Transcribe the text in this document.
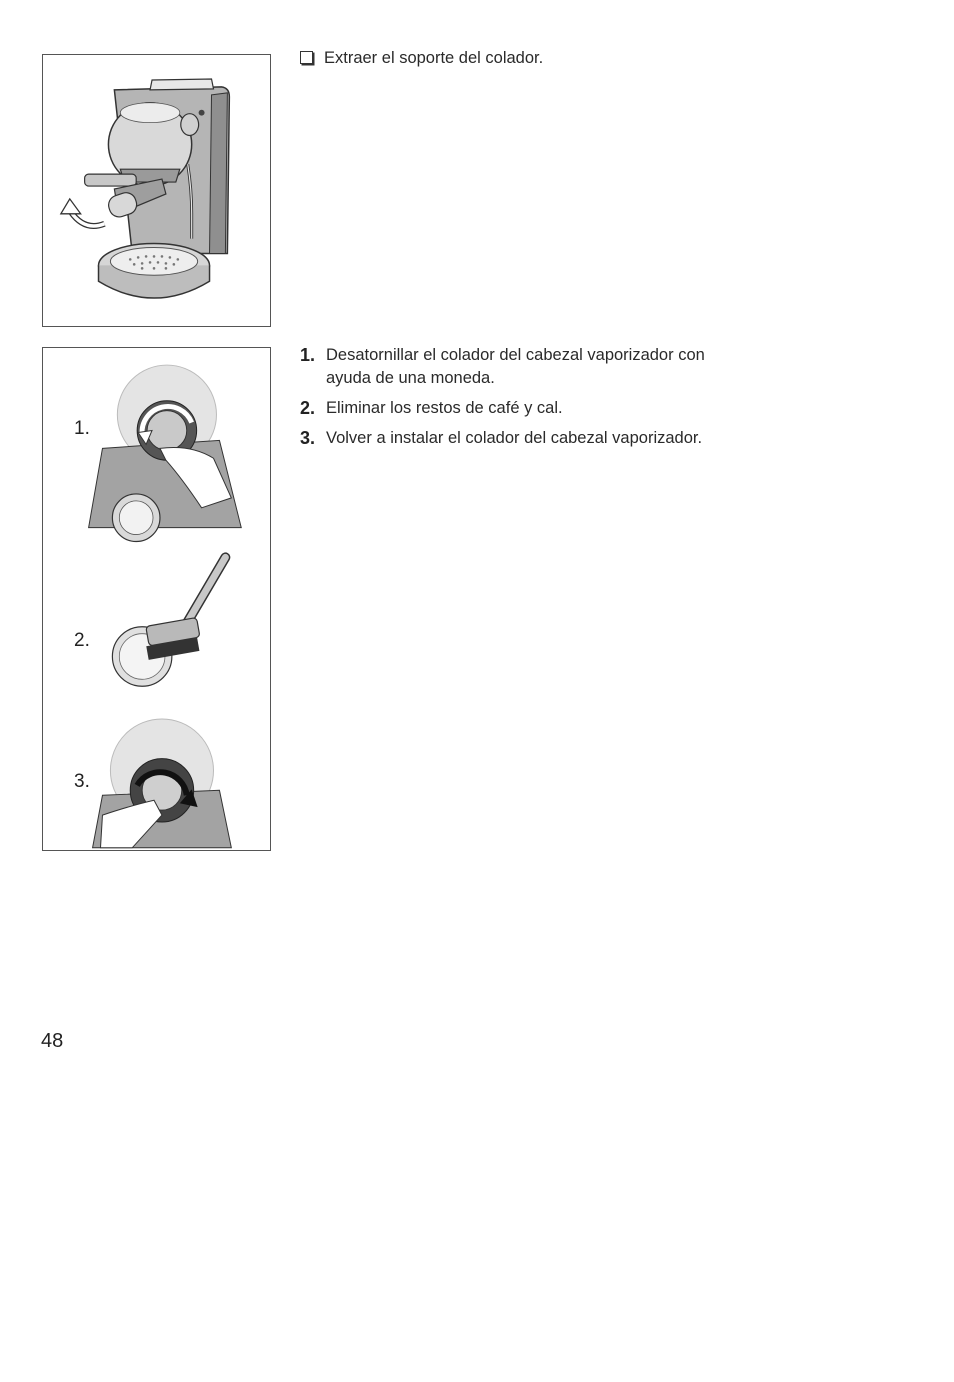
1.
2.
3.
Extraer el soporte del colador.
1. Desatornillar el colador del cabezal vaporizador con ayuda de una moneda.
2. Eliminar los restos de café y cal.
3. Volver a instalar el colador del cabezal vaporizador.
48
